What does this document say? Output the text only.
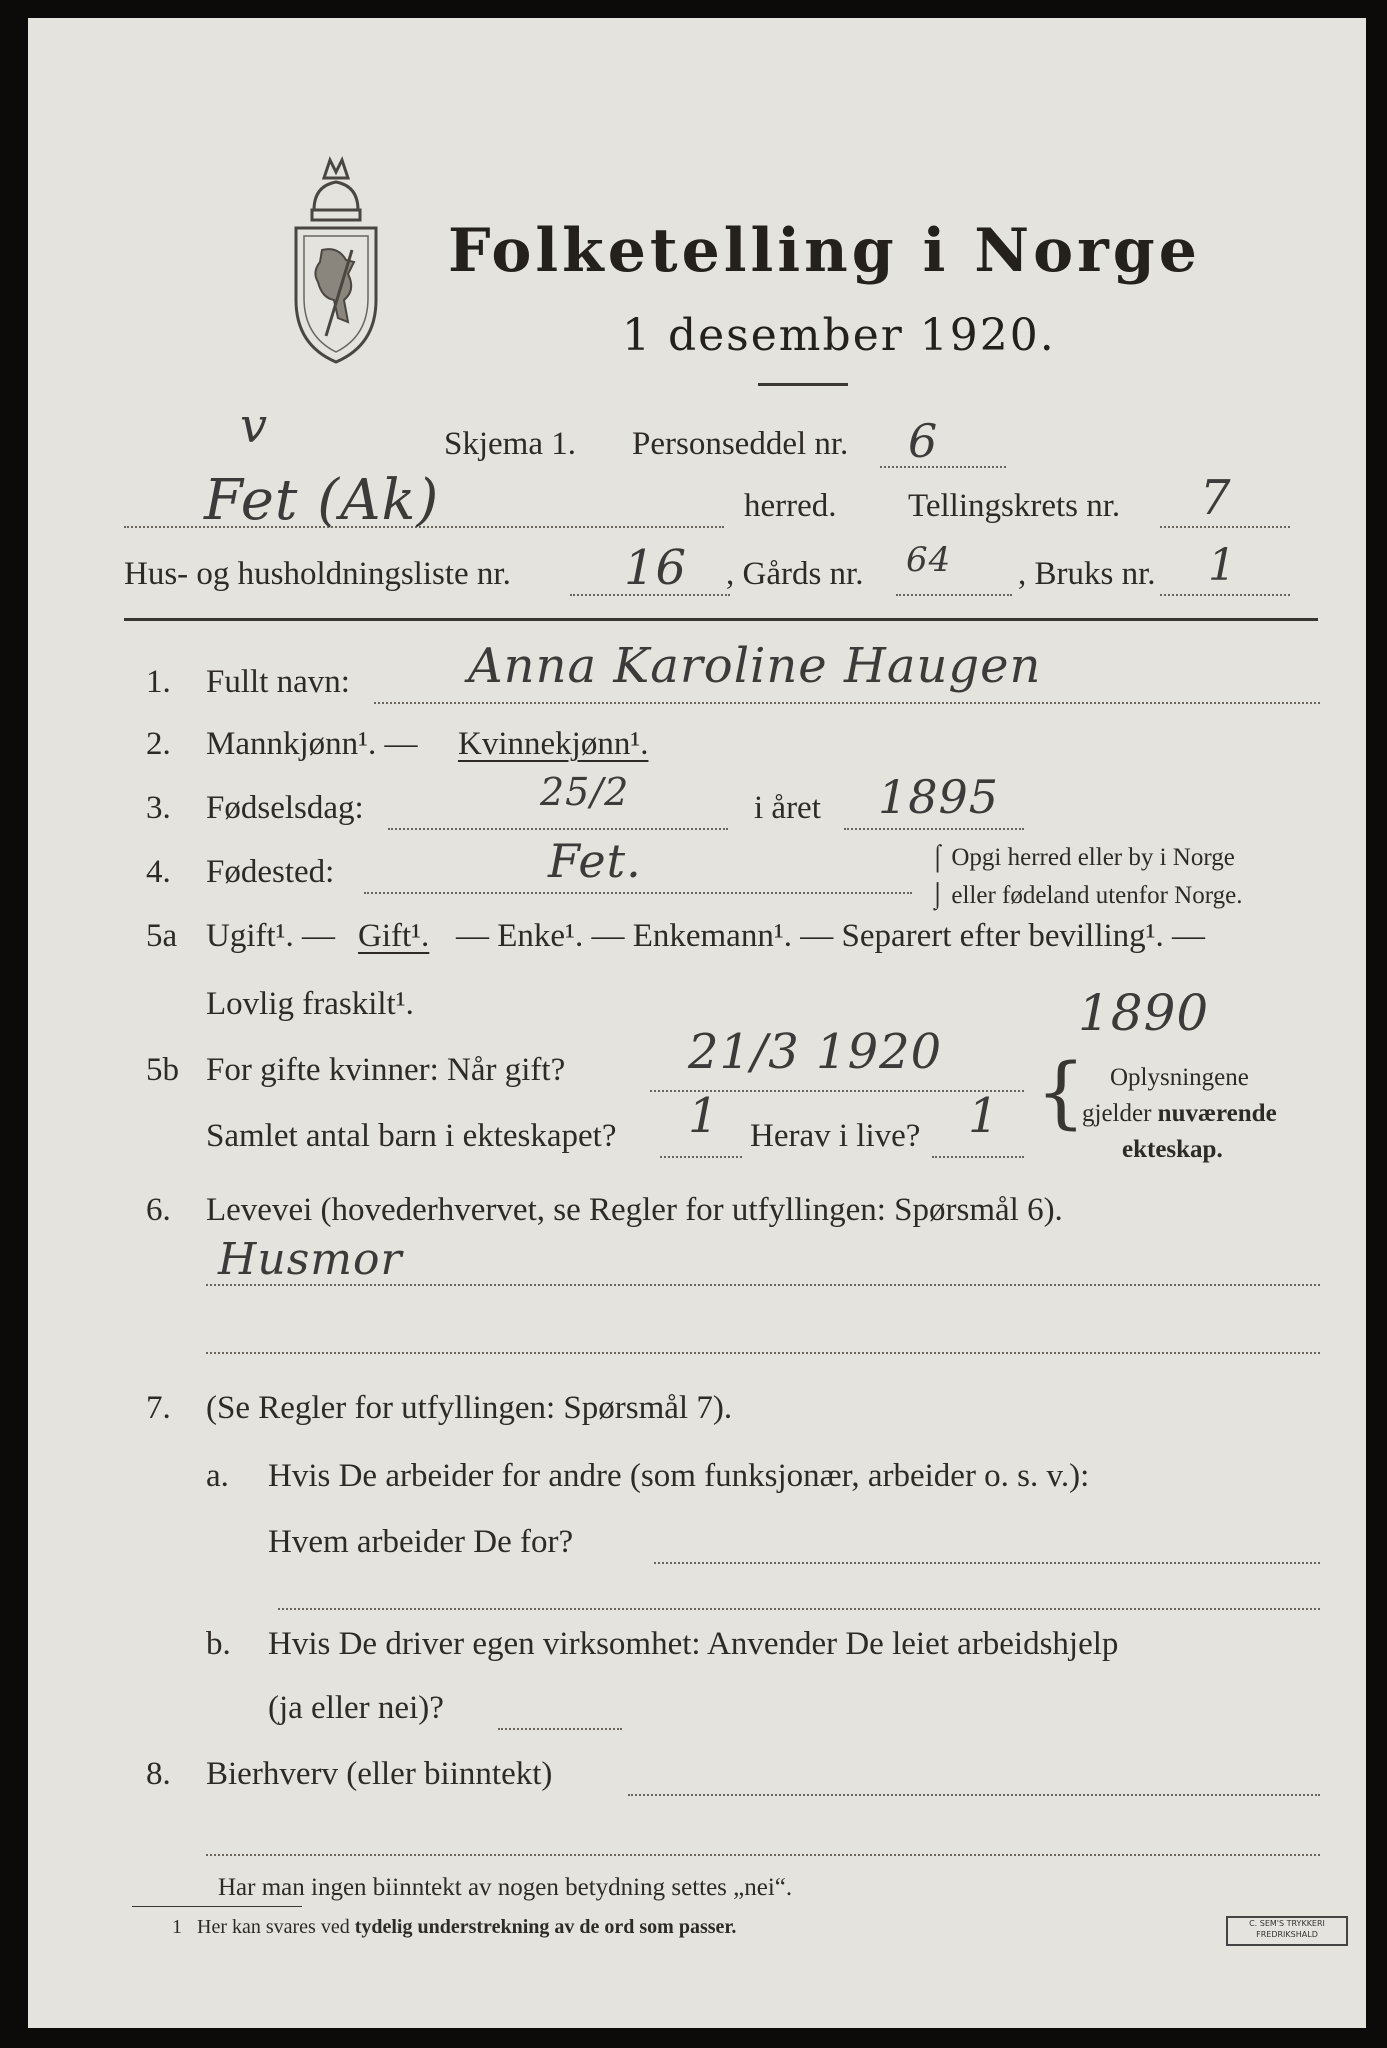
Folketelling i Norge
1 desember 1920.
v	Skjema 1. Personseddel nr. 6
Fet (Ak)	herred. Tellingskrets nr. 7
Hus- og husholdningsliste nr. 16 , Gårds nr. 64 , Bruks nr. 1
1.	Fullt navn: Anna Karoline Haugen
2.	Mannkjønn¹. — Kvinnekjønn¹.
3.	Fødselsdag:	25/2	i året 1895
4.	Fødested:	Fet.	⌠ Opgi herred eller by i Norge
⌡ eller fødeland utenfor Norge.
5a Ugift¹. — Gift¹. — Enke¹. — Enkemann¹. — Separert efter bevilling¹. —
Lovlig fraskilt¹.
5b For gifte kvinner: Når gift?	21/3 1920
1890
Samlet antal barn i ekteskapet? 1 Herav i live? 1 { Oplysningene
gjelder nuværende
ekteskap.
6.	Levevei (hovederhvervet, se Regler for utfyllingen: Spørsmål 6).
Husmor
7.	(Se Regler for utfyllingen: Spørsmål 7).
a. Hvis De arbeider for andre (som funksjonær, arbeider o. s. v.):
Hvem arbeider De for?
b. Hvis De driver egen virksomhet: Anvender De leiet arbeidshjelp
(ja eller nei)?
8.	Bierhverv (eller biinntekt)
Har man ingen biinntekt av nogen betydning settes „nei“.
1 Her kan svares ved tydelig understrekning av de ord som passer.	C. SEM'S TRYKKERI
FREDRIKSHALD
